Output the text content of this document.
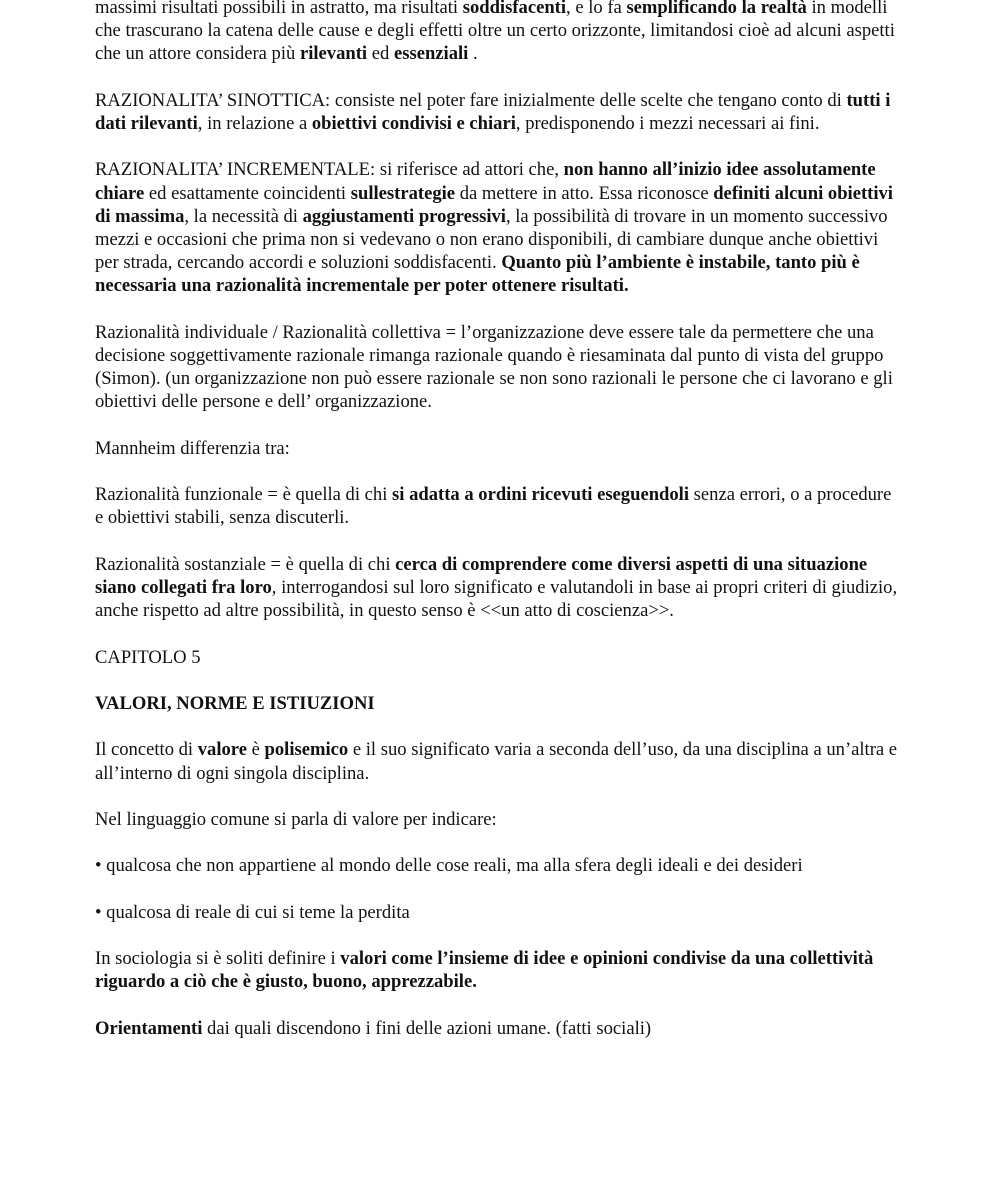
massimi risultati possibili in astratto, ma risultati soddisfacenti, e lo fa semplificando la realtà in modelli che trascurano la catena delle cause e degli effetti oltre un certo orizzonte, limitandosi cioè ad alcuni aspetti che un attore considera più rilevanti ed essenziali .

RAZIONALITA’ SINOTTICA: consiste nel poter fare inizialmente delle scelte che tengano conto di tutti i dati rilevanti, in relazione a obiettivi condivisi e chiari, predisponendo i mezzi necessari ai fini.

RAZIONALITA’ INCREMENTALE: si riferisce ad attori che, non hanno all’inizio idee assolutamente chiare ed esattamente coincidenti sullestrategie da mettere in atto. Essa riconosce definiti alcuni obiettivi di massima, la necessità di aggiustamenti progressivi, la possibilità di trovare in un momento successivo mezzi e occasioni che prima non si vedevano o non erano disponibili, di cambiare dunque anche obiettivi per strada, cercando accordi e soluzioni soddisfacenti. Quanto più l’ambiente è instabile, tanto più è necessaria una razionalità incrementale per poter ottenere risultati.

Razionalità individuale / Razionalità collettiva = l’organizzazione deve essere tale da permettere che una decisione soggettivamente razionale rimanga razionale quando è riesaminata dal punto di vista del gruppo (Simon). (un organizzazione non può essere razionale se non sono razionali le persone che ci lavorano e gli obiettivi delle persone e dell’ organizzazione.

Mannheim differenzia tra:

Razionalità funzionale = è quella di chi si adatta a ordini ricevuti eseguendoli senza errori, o a procedure e obiettivi stabili, senza discuterli.

Razionalità sostanziale = è quella di chi cerca di comprendere come diversi aspetti di una situazione siano collegati fra loro, interrogandosi sul loro significato e valutandoli in base ai propri criteri di giudizio, anche rispetto ad altre possibilità, in questo senso è <<un atto di coscienza>>.

CAPITOLO 5

VALORI, NORME E ISTIUZIONI

Il concetto di valore è polisemico e il suo significato varia a seconda dell’uso, da una disciplina a un’altra e all’interno di ogni singola disciplina.

Nel linguaggio comune si parla di valore per indicare:

• qualcosa che non appartiene al mondo delle cose reali, ma alla sfera degli ideali e dei desideri

• qualcosa di reale di cui si teme la perdita

In sociologia si è soliti definire i valori come l’insieme di idee e opinioni condivise da una collettività riguardo a ciò che è giusto, buono, apprezzabile.

Orientamenti dai quali discendono i fini delle azioni umane. (fatti sociali)
